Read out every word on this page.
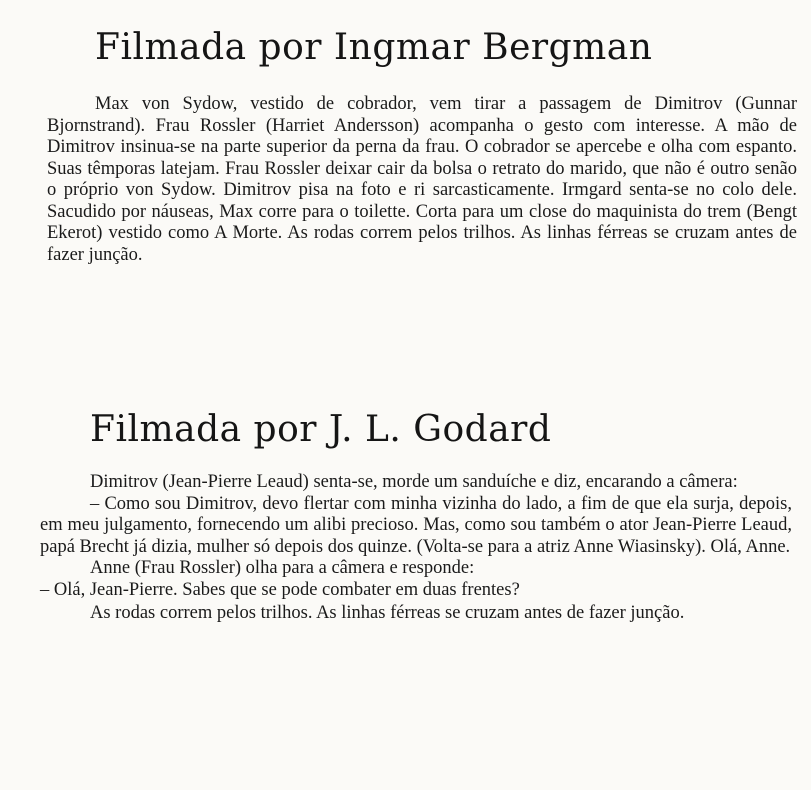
Filmada por Ingmar Bergman

Max von Sydow, vestido de cobrador, vem tirar a passagem de Dimitrov (Gunnar Bjornstrand). Frau Rossler (Harriet Andersson) acompanha o gesto com interesse. A mão de Dimitrov insinua-se na parte superior da perna da frau. O cobrador se apercebe e olha com espanto. Suas têmporas latejam. Frau Rossler deixar cair da bolsa o retrato do marido, que não é outro senão o próprio von Sydow. Dimitrov pisa na foto e ri sarcasticamente. Irmgard senta-se no colo dele. Sacudido por náuseas, Max corre para o toilette. Corta para um close do maquinista do trem (Bengt Ekerot) vestido como A Morte. As rodas correm pelos trilhos. As linhas férreas se cruzam antes de fazer junção.

Filmada por J. L. Godard

Dimitrov (Jean-Pierre Leaud) senta-se, morde um sanduíche e diz, encarando a câmera:

– Como sou Dimitrov, devo flertar com minha vizinha do lado, a fim de que ela surja, depois, em meu julgamento, fornecendo um alibi precioso. Mas, como sou também o ator Jean-Pierre Leaud, papá Brecht já dizia, mulher só depois dos quinze. (Volta-se para a atriz Anne Wiasinsky). Olá, Anne.

Anne (Frau Rossler) olha para a câmera e responde:

– Olá, Jean-Pierre. Sabes que se pode combater em duas frentes?

As rodas correm pelos trilhos. As linhas férreas se cruzam antes de fazer junção.
